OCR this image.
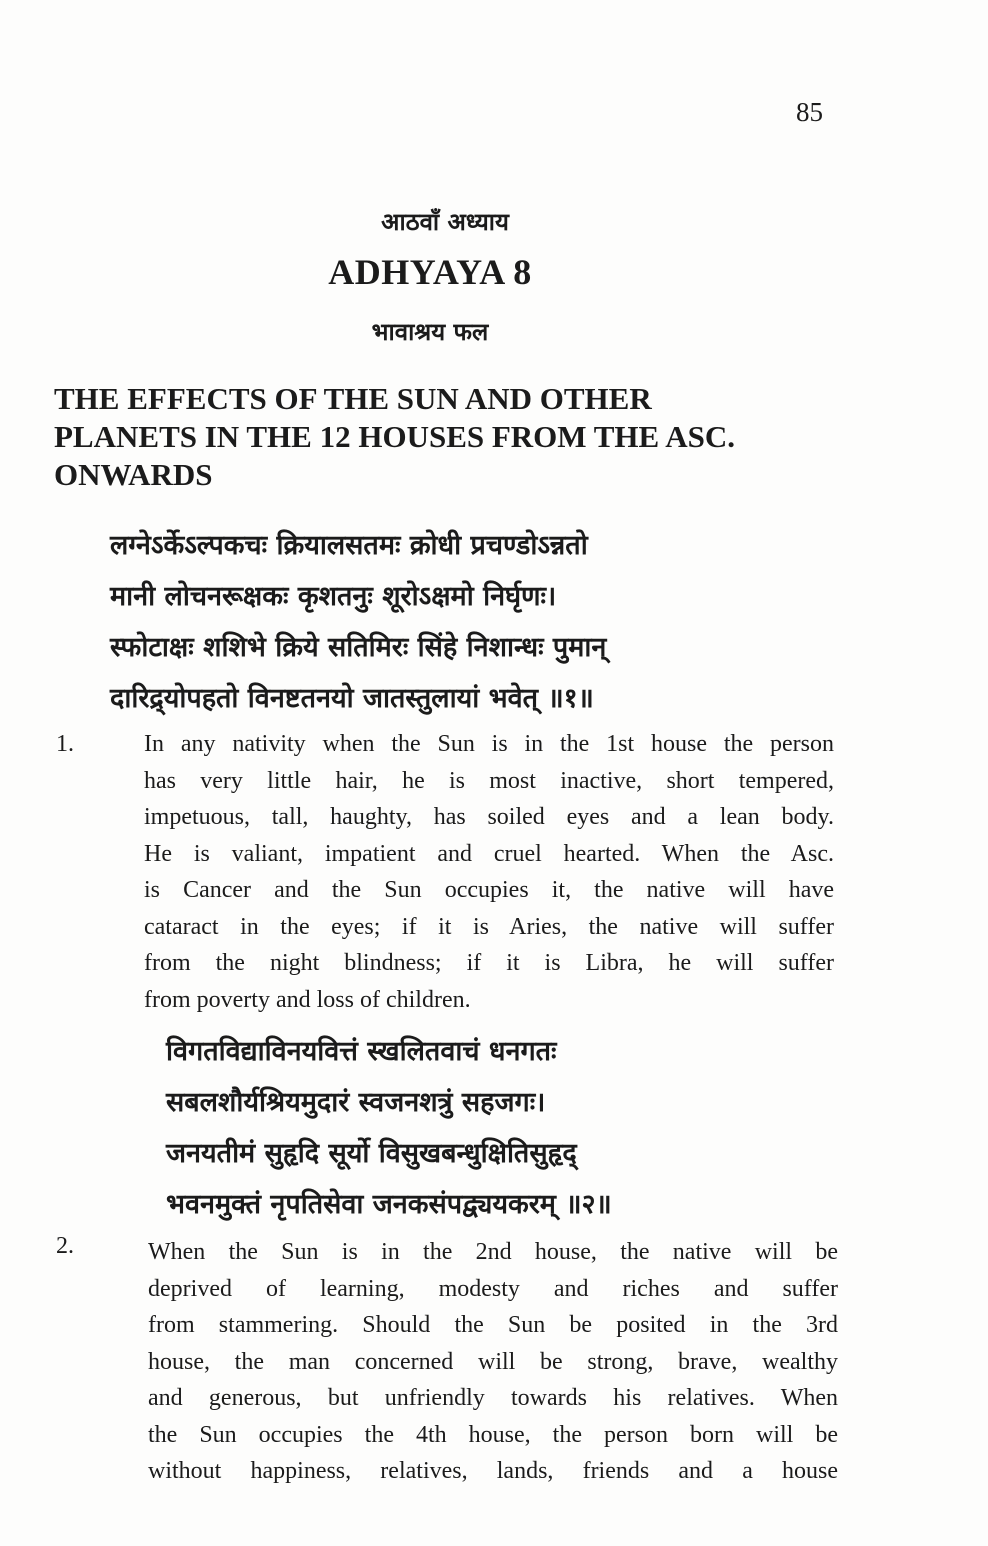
85
आठवाँ अध्याय
ADHYAYA 8
भावाश्रय फल
THE EFFECTS OF THE SUN AND OTHER
PLANETS IN THE 12 HOUSES FROM THE ASC.
ONWARDS
लग्नेऽर्केऽल्पकचः क्रियालसतमः क्रोधी प्रचण्डोऽन्नतो
मानी लोचनरूक्षकः कृशतनुः शूरोऽक्षमो निर्घृणः।
स्फोटाक्षः शशिभे क्रिये सतिमिरः सिंहे निशान्धः पुमान्
दारिद्र्योपहतो विनष्टतनयो जातस्तुलायां भवेत् ॥१॥
1.	In any nativity when the Sun is in the 1st house the person
has very little hair, he is most inactive, short tempered,
impetuous, tall, haughty, has soiled eyes and a lean body.
He is valiant, impatient and cruel hearted. When the Asc.
is Cancer and the Sun occupies it, the native will have
cataract in the eyes; if it is Aries, the native will suffer
from the night blindness; if it is Libra, he will suffer
from poverty and loss of children.
विगतविद्याविनयवित्तं स्खलितवाचं धनगतः
सबलशौर्यश्रियमुदारं स्वजनशत्रुं सहजगः।
जनयतीमं सुहृदि सूर्यो विसुखबन्धुक्षितिसुहृद्
भवनमुक्तं नृपतिसेवा जनकसंपद्व्ययकरम् ॥२॥
2.	When the Sun is in the 2nd house, the native will be
deprived of learning, modesty and riches and suffer
from stammering. Should the Sun be posited in the 3rd
house, the man concerned will be strong, brave, wealthy
and generous, but unfriendly towards his relatives. When
the Sun occupies the 4th house, the person born will be
without happiness, relatives, lands, friends and a house
